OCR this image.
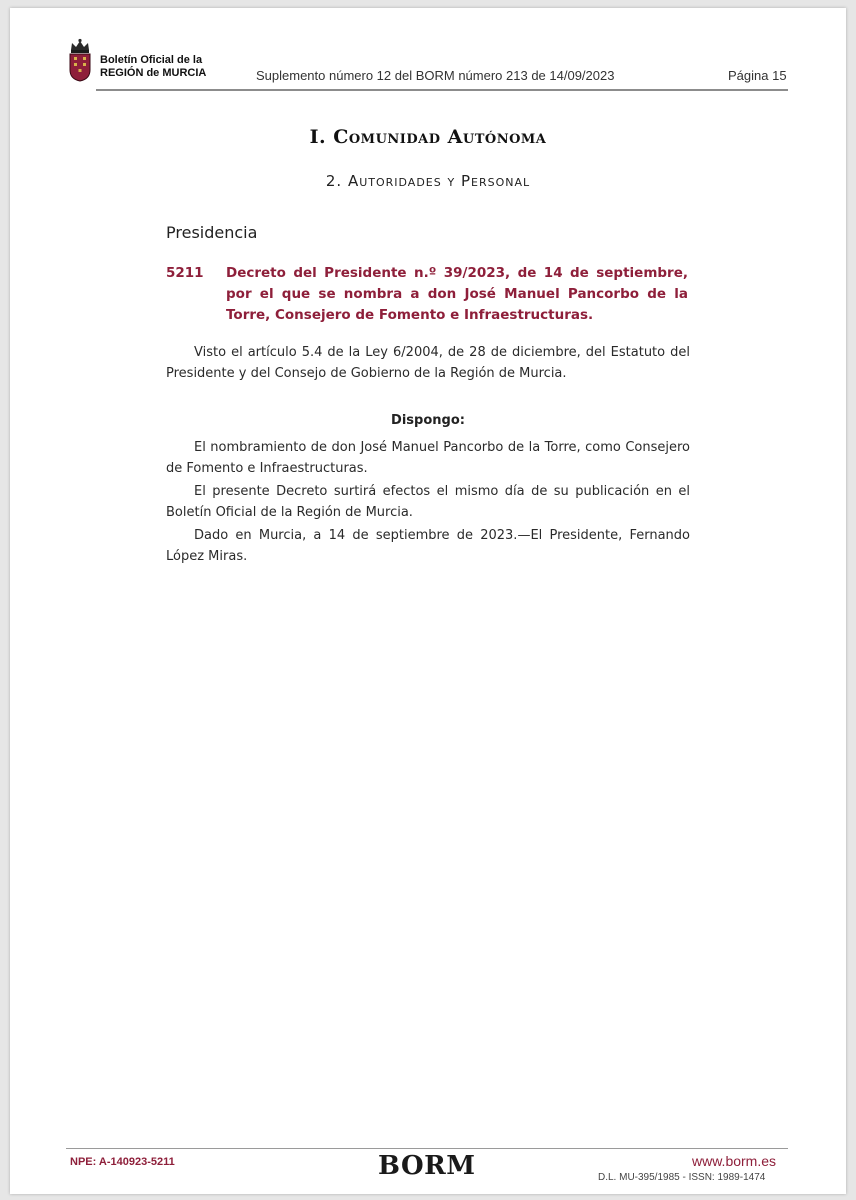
Boletín Oficial de la
REGIÓN de MURCIA	Suplemento número 12 del BORM número 213 de 14/09/2023	Página 15
I. Comunidad Autónoma
2. Autoridades y Personal
Presidencia
5211 Decreto del Presidente n.º 39/2023, de 14 de septiembre, por el que se nombra a don José Manuel Pancorbo de la Torre, Consejero de Fomento e Infraestructuras.
Visto el artículo 5.4 de la Ley 6/2004, de 28 de diciembre, del Estatuto del Presidente y del Consejo de Gobierno de la Región de Murcia.
Dispongo:
El nombramiento de don José Manuel Pancorbo de la Torre, como Consejero de Fomento e Infraestructuras.
El presente Decreto surtirá efectos el mismo día de su publicación en el Boletín Oficial de la Región de Murcia.
Dado en Murcia, a 14 de septiembre de 2023.—El Presidente, Fernando López Miras.
NPE: A-140923-5211	BORM	www.borm.es
D.L. MU-395/1985 - ISSN: 1989-1474
